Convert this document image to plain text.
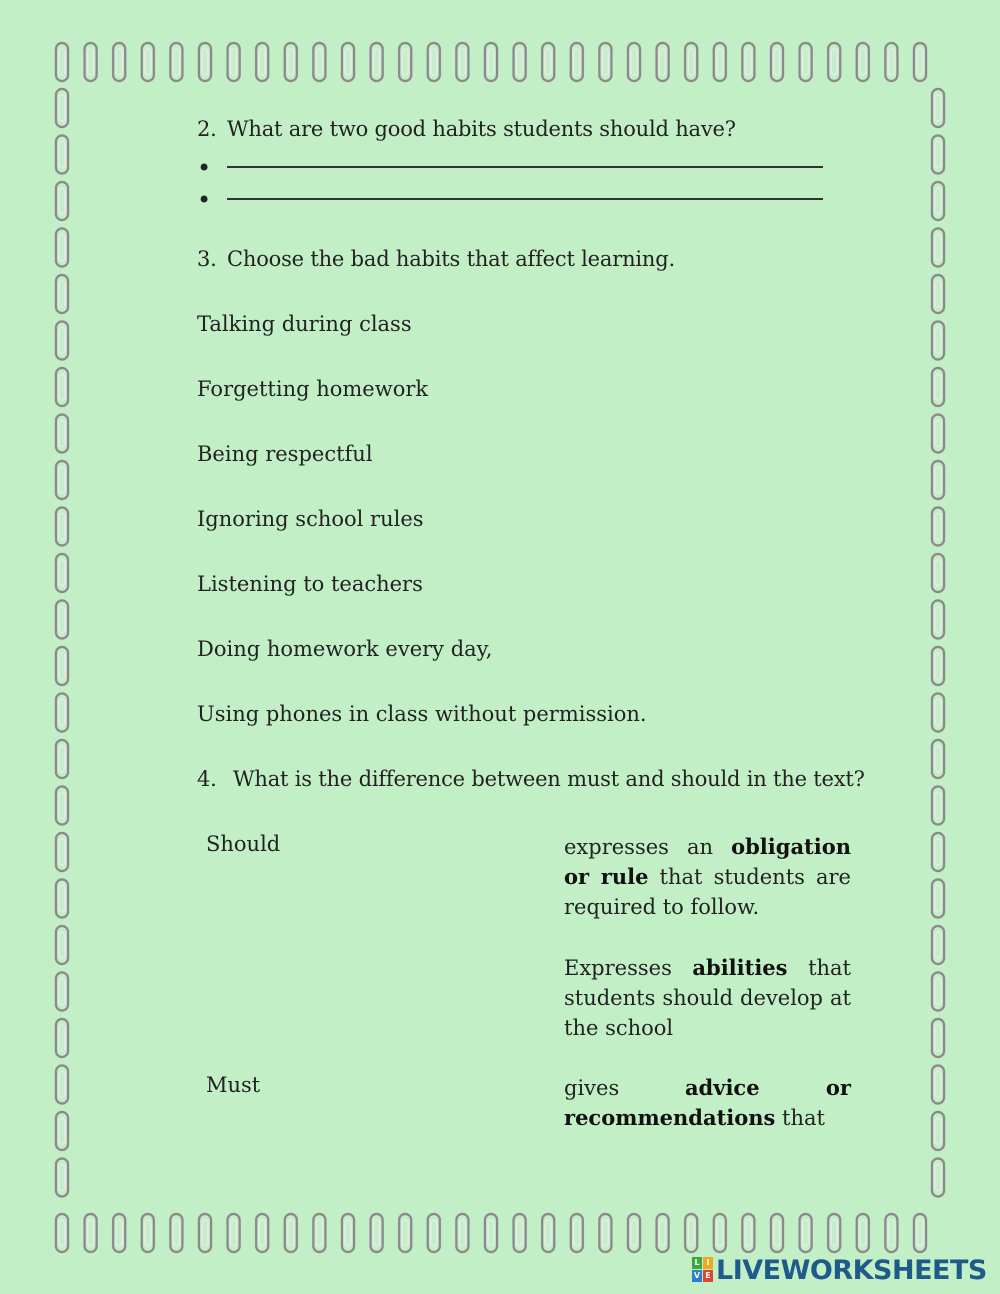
2. What are two good habits students should have?
•
•
3. Choose the bad habits that affect learning.
Talking during class
Forgetting homework
Being respectful
Ignoring school rules
Listening to teachers
Doing homework every day,
Using phones in class without permission.
4. What is the difference between must and should in the text?
Should
Must
expresses an obligation or rule that students are required to follow.
Expresses abilities that students should develop at the school
gives advice or recommendations that
L I
V E LIVEWORKSHEETS
